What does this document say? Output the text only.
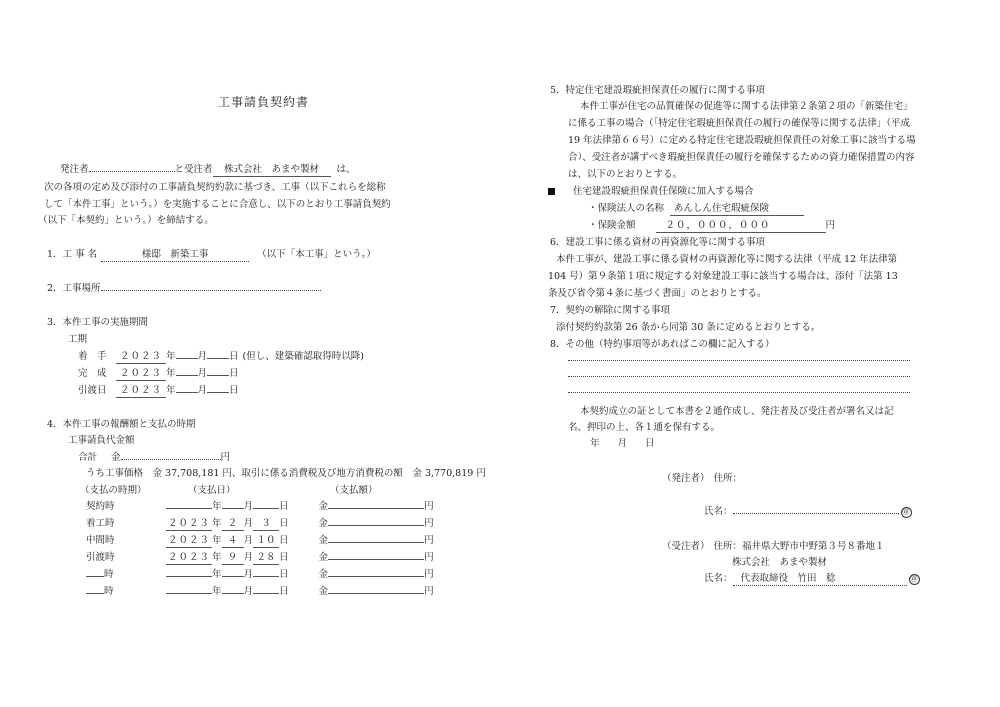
工事請負契約書
発注者	と受注者 株式会社　あまや製材 は、
次の各項の定め及び添付の工事請負契約約款に基づき、工事（以下これらを総称
して「本件工事」という。）を実施することに合意し、以下のとおり工事請負契約
（以下「本契約」という。）を締結する。
1．工 事 名	様邸　新築工事	（以下「本工事」という。）
2．工事場所
3．本件工事の実施期間
工期
着　手 ２０２３ 年 月 日 (但し、建築確認取得時以降)
完　成 ２０２３ 年 月 日
引渡日 ２０２３ 年 月 日
4．本件工事の報酬額と支払の時期
工事請負代金額
合計 金	円
うち工事価格　金 37,708,181 円、取引に係る消費税及び地方消費税の額　金 3,770,819 円
（支払の時期）	（支払日）	（支払額）
契約時	年 月	日	金	円
着工時	２０２３ 年 ２ 月 ３ 日	金	円
中間時	２０２３ 年 ４ 月 １０ 日	金	円
引渡時	２０２３ 年 ９ 月 ２８ 日	金	円
時	年 月	日	金	円
時	年 月	日	金	円
5．特定住宅建設瑕疵担保責任の履行に関する事項
本件工事が住宅の品質確保の促進等に関する法律第２条第２項の「新築住宅」
に係る工事の場合（「特定住宅瑕疵担保責任の履行の確保等に関する法律」（平成
19 年法律第６６号）に定める特定住宅建設瑕疵担保責任の対象工事に該当する場
合）、受注者が講ずべき瑕疵担保責任の履行を確保するための資力確保措置の内容
は、以下のとおりとする。
住宅建設瑕疵担保責任保険に加入する場合
・保険法人の名称 あんしん住宅瑕疵保険
・保険金額	２０，０００，０００	円
6．建設工事に係る資材の再資源化等に関する事項
本件工事が、建設工事に係る資材の再資源化等に関する法律（平成 12 年法律第
104 号）第９条第１項に規定する対象建設工事に該当する場合は、添付「法第 13
条及び省令第４条に基づく書面」のとおりとする。
7．契約の解除に関する事項
添付契約約款第 26 条から同第 30 条に定めるとおりとする。
8．その他（特約事項等があればこの欄に記入する）
本契約成立の証として本書を２通作成し、発注者及び受注者が署名又は記
名、押印の上、各１通を保有する。
年 月 日
（発注者） 住所：
氏名：	㊞
（受注者） 住所：福井県大野市中野第３号８番地１
株式会社　あまや製材
氏名： 代表取締役　竹田　稔	㊞
